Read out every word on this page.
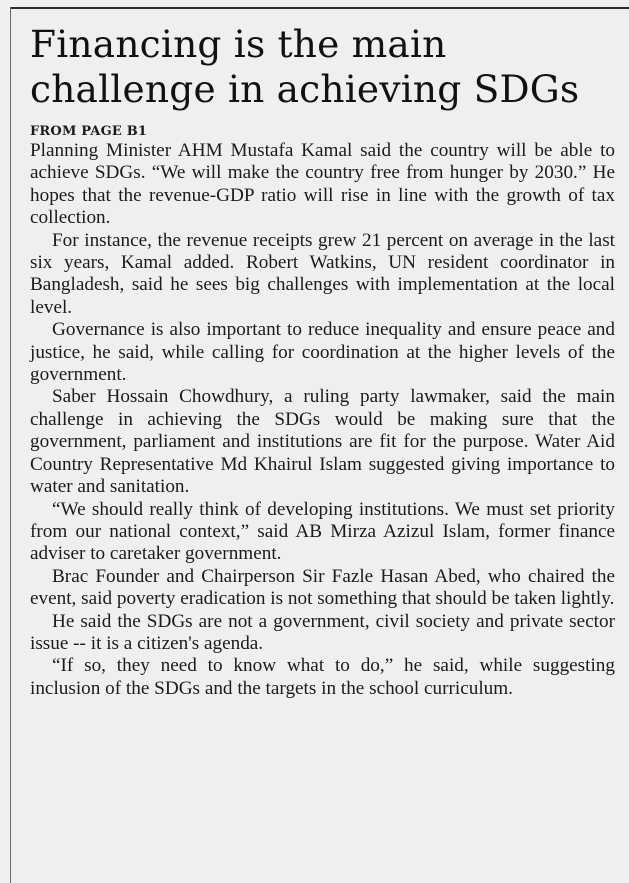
Financing is the main
challenge in achieving SDGs
FROM PAGE B1

Planning Minister AHM Mustafa Kamal said the country will be able to achieve SDGs. “We will make the country free from hunger by 2030.” He hopes that the revenue-GDP ratio will rise in line with the growth of tax collection.

For instance, the revenue receipts grew 21 percent on average in the last six years, Kamal added. Robert Watkins, UN resident coordinator in Bangladesh, said he sees big challenges with implementation at the local level.

Governance is also important to reduce inequality and ensure peace and justice, he said, while calling for coordination at the higher levels of the government.

Saber Hossain Chowdhury, a ruling party lawmaker, said the main challenge in achieving the SDGs would be making sure that the government, parliament and institutions are fit for the purpose. Water Aid Country Representative Md Khairul Islam suggested giving importance to water and sanitation.

“We should really think of developing institutions. We must set priority from our national context,” said AB Mirza Azizul Islam, former finance adviser to caretaker government.

Brac Founder and Chairperson Sir Fazle Hasan Abed, who chaired the event, said poverty eradication is not something that should be taken lightly.

He said the SDGs are not a government, civil society and private sector issue -- it is a citizen's agenda.

“If so, they need to know what to do,” he said, while suggesting inclusion of the SDGs and the targets in the school curriculum.
